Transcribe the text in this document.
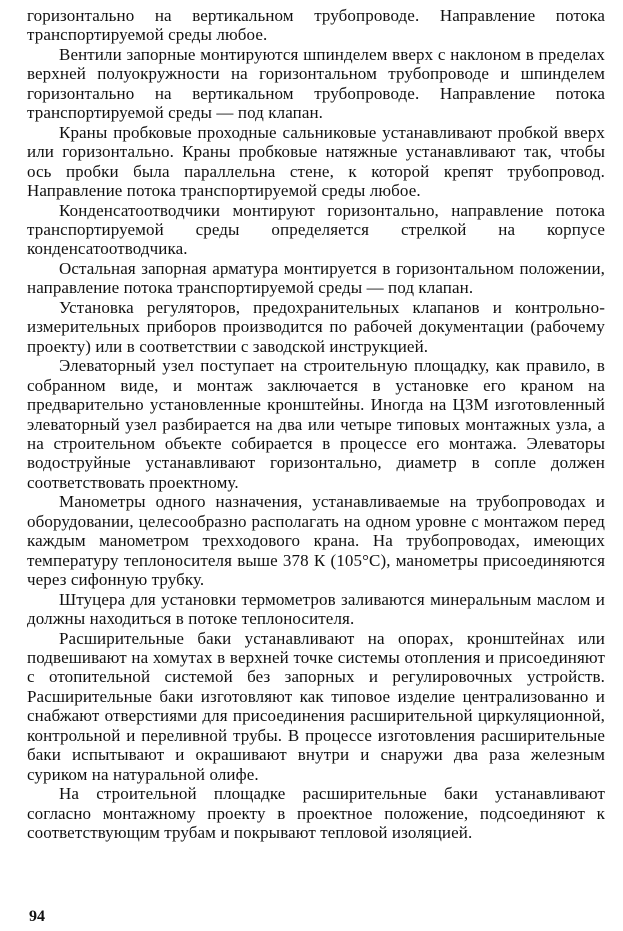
горизонтально на вертикальном трубопроводе. Направление потока транспортируемой среды любое.

Вентили запорные монтируются шпинделем вверх с наклоном в пределах верхней полуокружности на горизонтальном трубопроводе и шпинделем горизонтально на вертикальном трубопроводе. Направление потока транспортируемой среды — под клапан.

Краны пробковые проходные сальниковые устанавливают пробкой вверх или горизонтально. Краны пробковые натяжные устанавливают так, чтобы ось пробки была параллельна стене, к которой крепят трубопровод. Направление потока транспортируемой среды любое.

Конденсатоотводчики монтируют горизонтально, направление потока транспортируемой среды определяется стрелкой на корпусе конденсатоотводчика.

Остальная запорная арматура монтируется в горизонтальном положении, направление потока транспортируемой среды — под клапан.

Установка регуляторов, предохранительных клапанов и контрольно-измерительных приборов производится по рабочей документации (рабочему проекту) или в соответствии с заводской инструкцией.

Элеваторный узел поступает на строительную площадку, как правило, в собранном виде, и монтаж заключается в установке его краном на предварительно установленные кронштейны. Иногда на ЦЗМ изготовленный элеваторный узел разбирается на два или четыре типовых монтажных узла, а на строительном объекте собирается в процессе его монтажа. Элеваторы водоструйные устанавливают горизонтально, диаметр в сопле должен соответствовать проектному.

Манометры одного назначения, устанавливаемые на трубопроводах и оборудовании, целесообразно располагать на одном уровне с монтажом перед каждым манометром трехходового крана. На трубопроводах, имеющих температуру теплоносителя выше 378 К (105°С), манометры присоединяются через сифонную трубку.

Штуцера для установки термометров заливаются минеральным маслом и должны находиться в потоке теплоносителя.

Расширительные баки устанавливают на опорах, кронштейнах или подвешивают на хомутах в верхней точке системы отопления и присоединяют с отопительной системой без запорных и регулировочных устройств. Расширительные баки изготовляют как типовое изделие централизованно и снабжают отверстиями для присоединения расширительной циркуляционной, контрольной и переливной трубы. В процессе изготовления расширительные баки испытывают и окрашивают внутри и снаружи два раза железным суриком на натуральной олифе.

На строительной площадке расширительные баки устанавливают согласно монтажному проекту в проектное положение, подсоединяют к соответствующим трубам и покрывают тепловой изоляцией.

94
